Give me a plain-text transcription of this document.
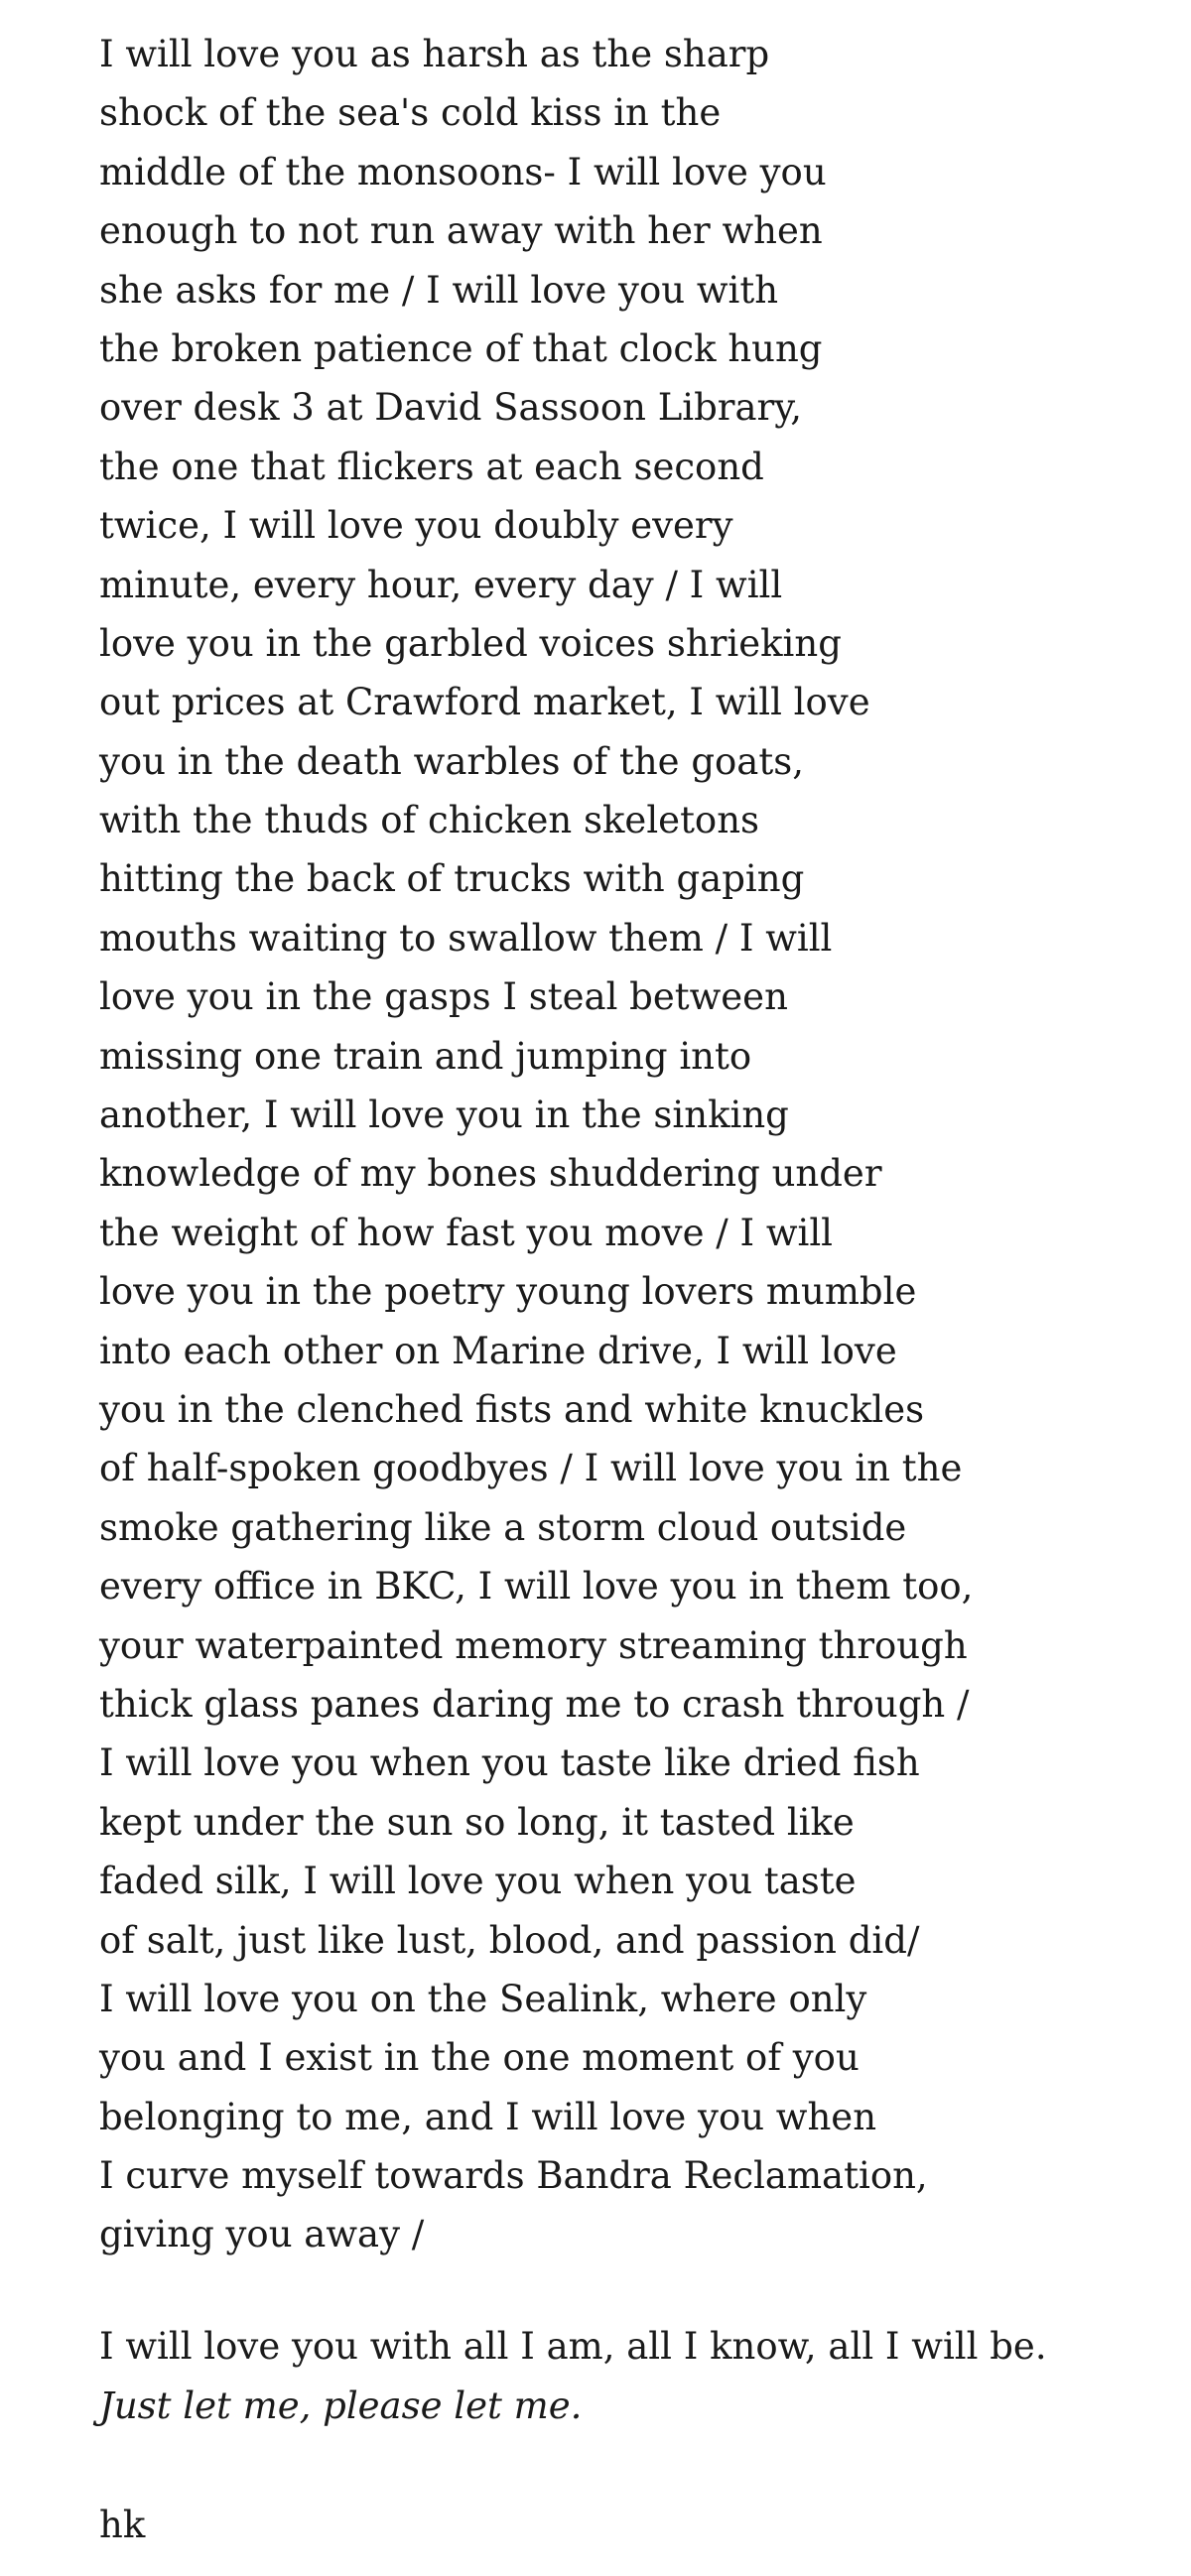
I will love you as harsh as the sharp
shock of the sea's cold kiss in the
middle of the monsoons- I will love you
enough to not run away with her when
she asks for me / I will love you with
the broken patience of that clock hung
over desk 3 at David Sassoon Library,
the one that flickers at each second
twice, I will love you doubly every
minute, every hour, every day / I will
love you in the garbled voices shrieking
out prices at Crawford market, I will love
you in the death warbles of the goats,
with the thuds of chicken skeletons
hitting the back of trucks with gaping
mouths waiting to swallow them / I will
love you in the gasps I steal between
missing one train and jumping into
another, I will love you in the sinking
knowledge of my bones shuddering under
the weight of how fast you move / I will
love you in the poetry young lovers mumble
into each other on Marine drive, I will love
you in the clenched fists and white knuckles
of half-spoken goodbyes / I will love you in the
smoke gathering like a storm cloud outside
every office in BKC, I will love you in them too,
your waterpainted memory streaming through
thick glass panes daring me to crash through /
I will love you when you taste like dried fish
kept under the sun so long, it tasted like
faded silk, I will love you when you taste
of salt, just like lust, blood, and passion did/
I will love you on the Sealink, where only
you and I exist in the one moment of you
belonging to me, and I will love you when
I curve myself towards Bandra Reclamation,
giving you away /
I will love you with all I am, all I know, all I will be.
Just let me, please let me.
hk
